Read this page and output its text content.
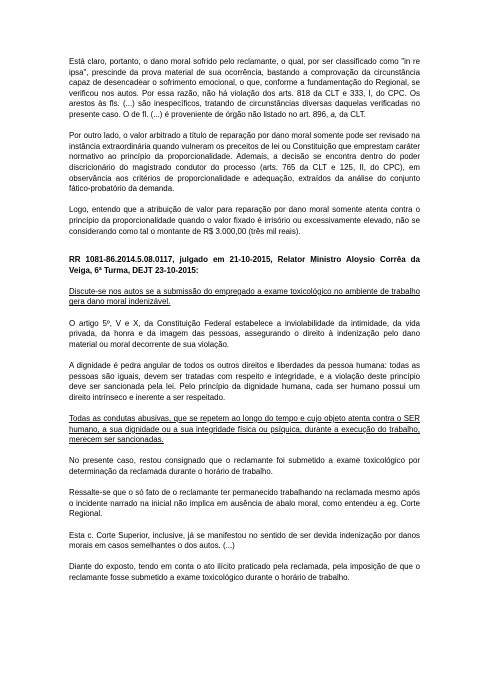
Está claro, portanto, o dano moral sofrido pelo reclamante, o qual, por ser classificado como "in re ipsa", prescinde da prova material de sua ocorrência, bastando a comprovação da circunstância capaz de desencadear o sofrimento emocional, o que, conforme a fundamentação do Regional, se verificou nos autos. Por essa razão, não há violação dos arts. 818 da CLT e 333, I, do CPC. Os arestos às fls. (...) são inespecíficos, tratando de circunstâncias diversas daquelas verificadas no presente caso. O de fl. (...) é proveniente de órgão não listado no art. 896, a, da CLT.

Por outro lado, o valor arbitrado a título de reparação por dano moral somente pode ser revisado na instância extraordinária quando vulneram os preceitos de lei ou Constituição que emprestam caráter normativo ao princípio da proporcionalidade. Ademais, a decisão se encontra dentro do poder discricionário do magistrado condutor do processo (arts. 765 da CLT e 125, II, do CPC), em observância aos critérios de proporcionalidade e adequação, extraídos da análise do conjunto fático-probatório da demanda.

Logo, entendo que a atribuição de valor para reparação por dano moral somente atenta contra o princípio da proporcionalidade quando o valor fixado é irrisório ou excessivamente elevado, não se considerando como tal o montante de R$ 3.000,00 (três mil reais).

RR 1081-86.2014.5.08.0117, julgado em 21-10-2015, Relator Ministro Aloysio Corrêa da Veiga, 6ª Turma, DEJT 23-10-2015:

Discute-se nos autos se a submissão do empregado a exame toxicológico no ambiente de trabalho gera dano moral indenizável.

O artigo 5º, V e X, da Constituição Federal estabelece a inviolabilidade da intimidade, da vida privada, da honra e da imagem das pessoas, assegurando o direito à indenização pelo dano material ou moral decorrente de sua violação.

A dignidade é pedra angular de todos os outros direitos e liberdades da pessoa humana: todas as pessoas são iguais, devem ser tratadas com respeito e integridade, e a violação deste princípio deve ser sancionada pela lei. Pelo princípio da dignidade humana, cada ser humano possui um direito intrínseco e inerente a ser respeitado.

Todas as condutas abusivas, que se repetem ao longo do tempo e cujo objeto atenta contra o SER humano, a sua dignidade ou a sua integridade física ou psíquica, durante a execução do trabalho, merecem ser sancionadas.

No presente caso, restou consignado que o reclamante foi submetido a exame toxicológico por determinação da reclamada durante o horário de trabalho.

Ressalte-se que o só fato de o reclamante ter permanecido trabalhando na reclamada mesmo após o incidente narrado na inicial não implica em ausência de abalo moral, como entendeu a eg. Corte Regional.

Esta c. Corte Superior, inclusive, já se manifestou no sentido de ser devida indenização por danos morais em casos semelhantes o dos autos. (...)

Diante do exposto, tendo em conta o ato ilícito praticado pela reclamada, pela imposição de que o reclamante fosse submetido a exame toxicológico durante o horário de trabalho.
